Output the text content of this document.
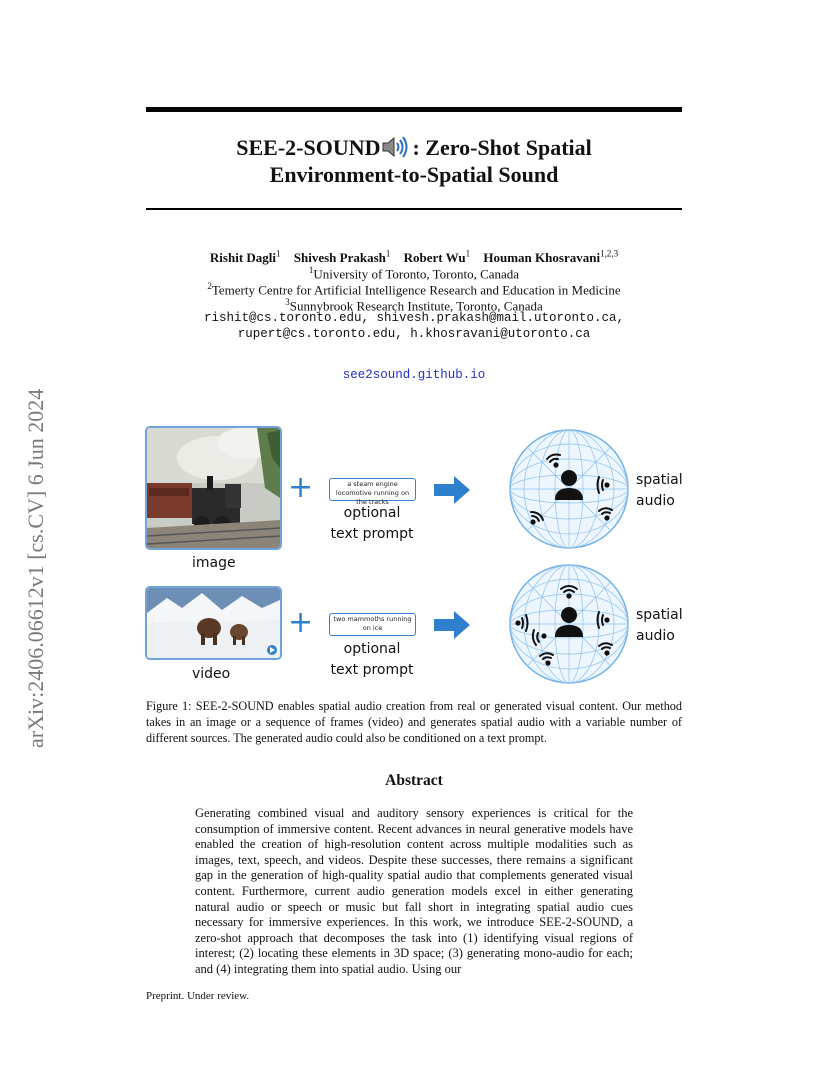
arXiv:2406.06612v1 [cs.CV] 6 Jun 2024
SEE-2-SOUND : Zero-Shot Spatial
Environment-to-Spatial Sound
Rishit Dagli$^1$ Shivesh Prakash$^1$ Robert Wu$^1$ Houman Khosravani$^{1,2,3}$
$^1$University of Toronto, Toronto, Canada
$^2$Temerty Centre for Artificial Intelligence Research and Education in Medicine
$^3$Sunnybrook Research Institute, Toronto, Canada
rishit@cs.toronto.edu, shivesh.prakash@mail.utoronto.ca,
rupert@cs.toronto.edu, h.khosravani@utoronto.ca
see2sound.github.io
image
+	a steam engine locomotive running on the tracks
optional
text prompt
spatial
audio
video
+	two mammoths running on ice
optional
text prompt
spatial
audio
Figure 1: SEE-2-SOUND enables spatial audio creation from real or generated visual content. Our method takes in an image or a sequence of frames (video) and generates spatial audio with a variable number of different sources. The generated audio could also be conditioned on a text prompt.
Abstract
Generating combined visual and auditory sensory experiences is critical for the consumption of immersive content. Recent advances in neural generative models have enabled the creation of high-resolution content across multiple modalities such as images, text, speech, and videos. Despite these successes, there remains a significant gap in the generation of high-quality spatial audio that complements generated visual content. Furthermore, current audio generation models excel in either generating natural audio or speech or music but fall short in integrating spatial audio cues necessary for immersive experiences. In this work, we introduce SEE-2-SOUND, a zero-shot approach that decomposes the task into (1) identifying visual regions of interest; (2) locating these elements in 3D space; (3) generating mono-audio for each; and (4) integrating them into spatial audio. Using our
Preprint. Under review.
